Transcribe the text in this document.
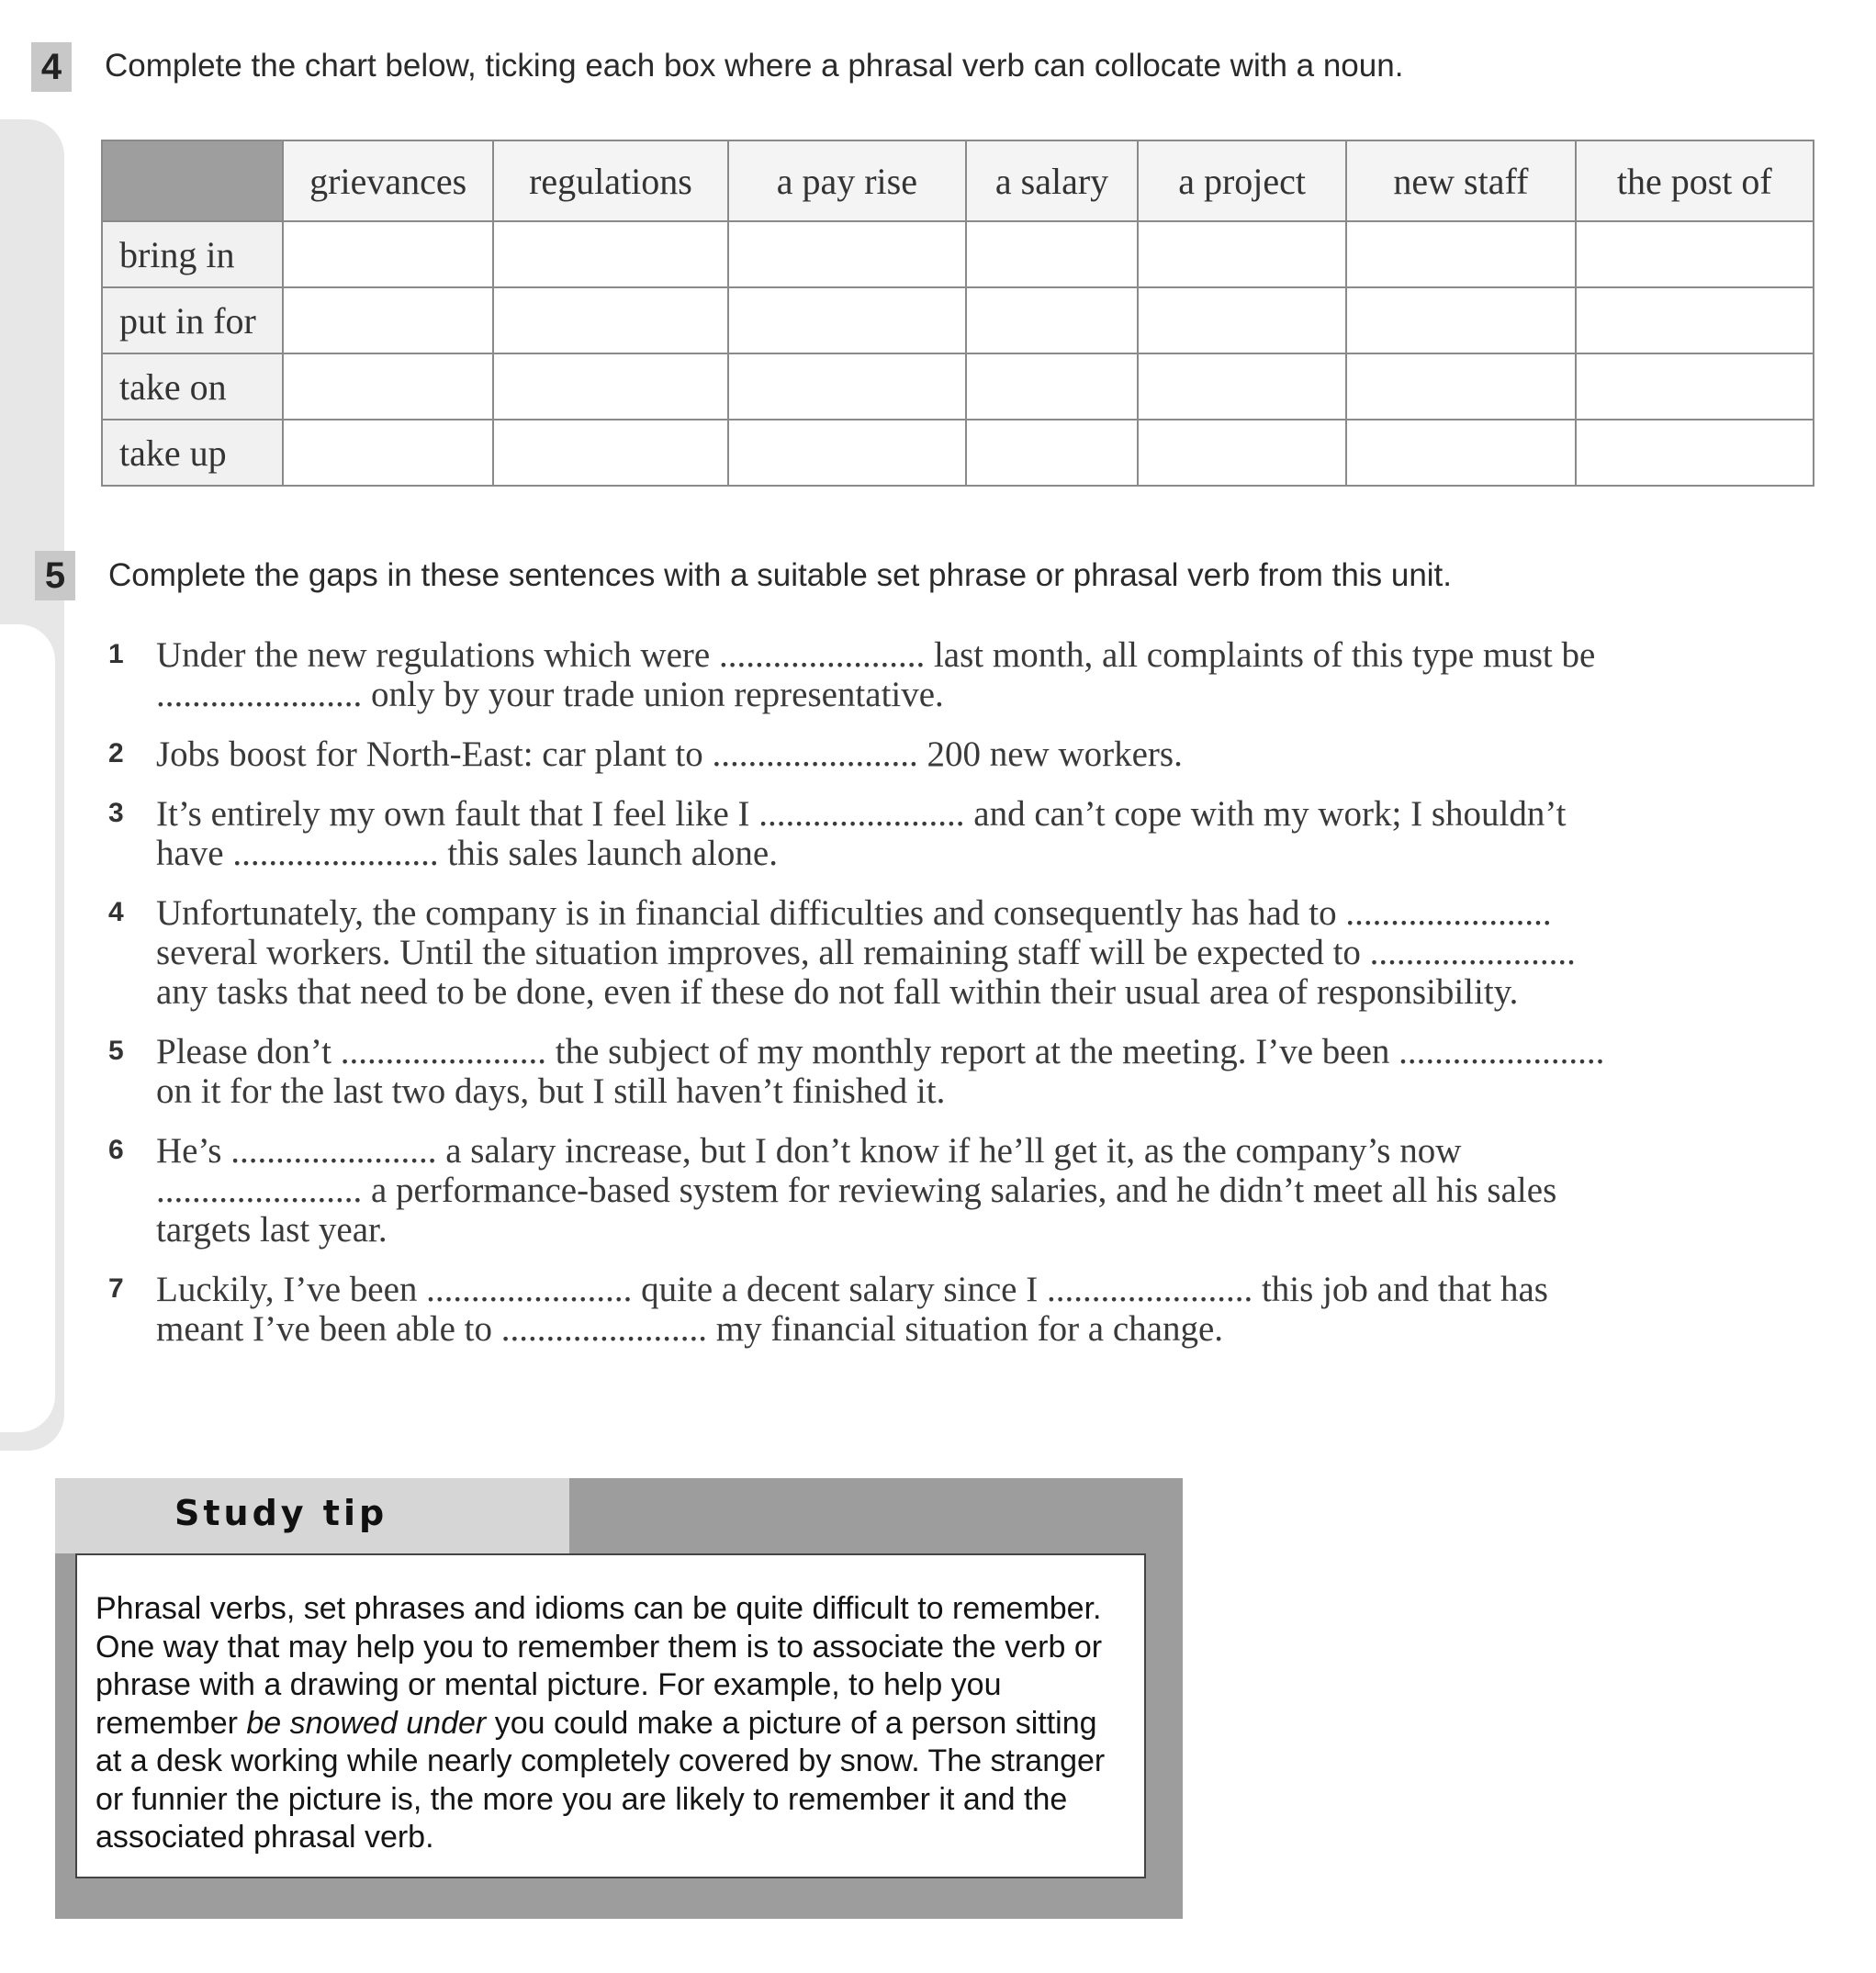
4	Complete the chart below, ticking each box where a phrasal verb can collocate with a noun.
	grievances	regulations	a pay rise	a salary	a project	new staff	the post of
bring in							
put in for							
take on							
take up							
5	Complete the gaps in these sentences with a suitable set phrase or phrasal verb from this unit.
1 Under the new regulations which were ....................... last month, all complaints of this type must be ....................... only by your trade union representative.
2 Jobs boost for North-East: car plant to ....................... 200 new workers.
3 It’s entirely my own fault that I feel like I ....................... and can’t cope with my work; I shouldn’t have ....................... this sales launch alone.
4 Unfortunately, the company is in financial difficulties and consequently has had to ....................... several workers. Until the situation improves, all remaining staff will be expected to ....................... any tasks that need to be done, even if these do not fall within their usual area of responsibility.
5 Please don’t ....................... the subject of my monthly report at the meeting. I’ve been ....................... on it for the last two days, but I still haven’t finished it.
6 He’s ....................... a salary increase, but I don’t know if he’ll get it, as the company’s now ....................... a performance-based system for reviewing salaries, and he didn’t meet all his sales targets last year.
7 Luckily, I’ve been ....................... quite a decent salary since I ....................... this job and that has meant I’ve been able to ....................... my financial situation for a change.
Study tip
Phrasal verbs, set phrases and idioms can be quite difficult to remember. One way that may help you to remember them is to associate the verb or phrase with a drawing or mental picture. For example, to help you remember be snowed under you could make a picture of a person sitting at a desk working while nearly completely covered by snow. The stranger or funnier the picture is, the more you are likely to remember it and the associated phrasal verb.
